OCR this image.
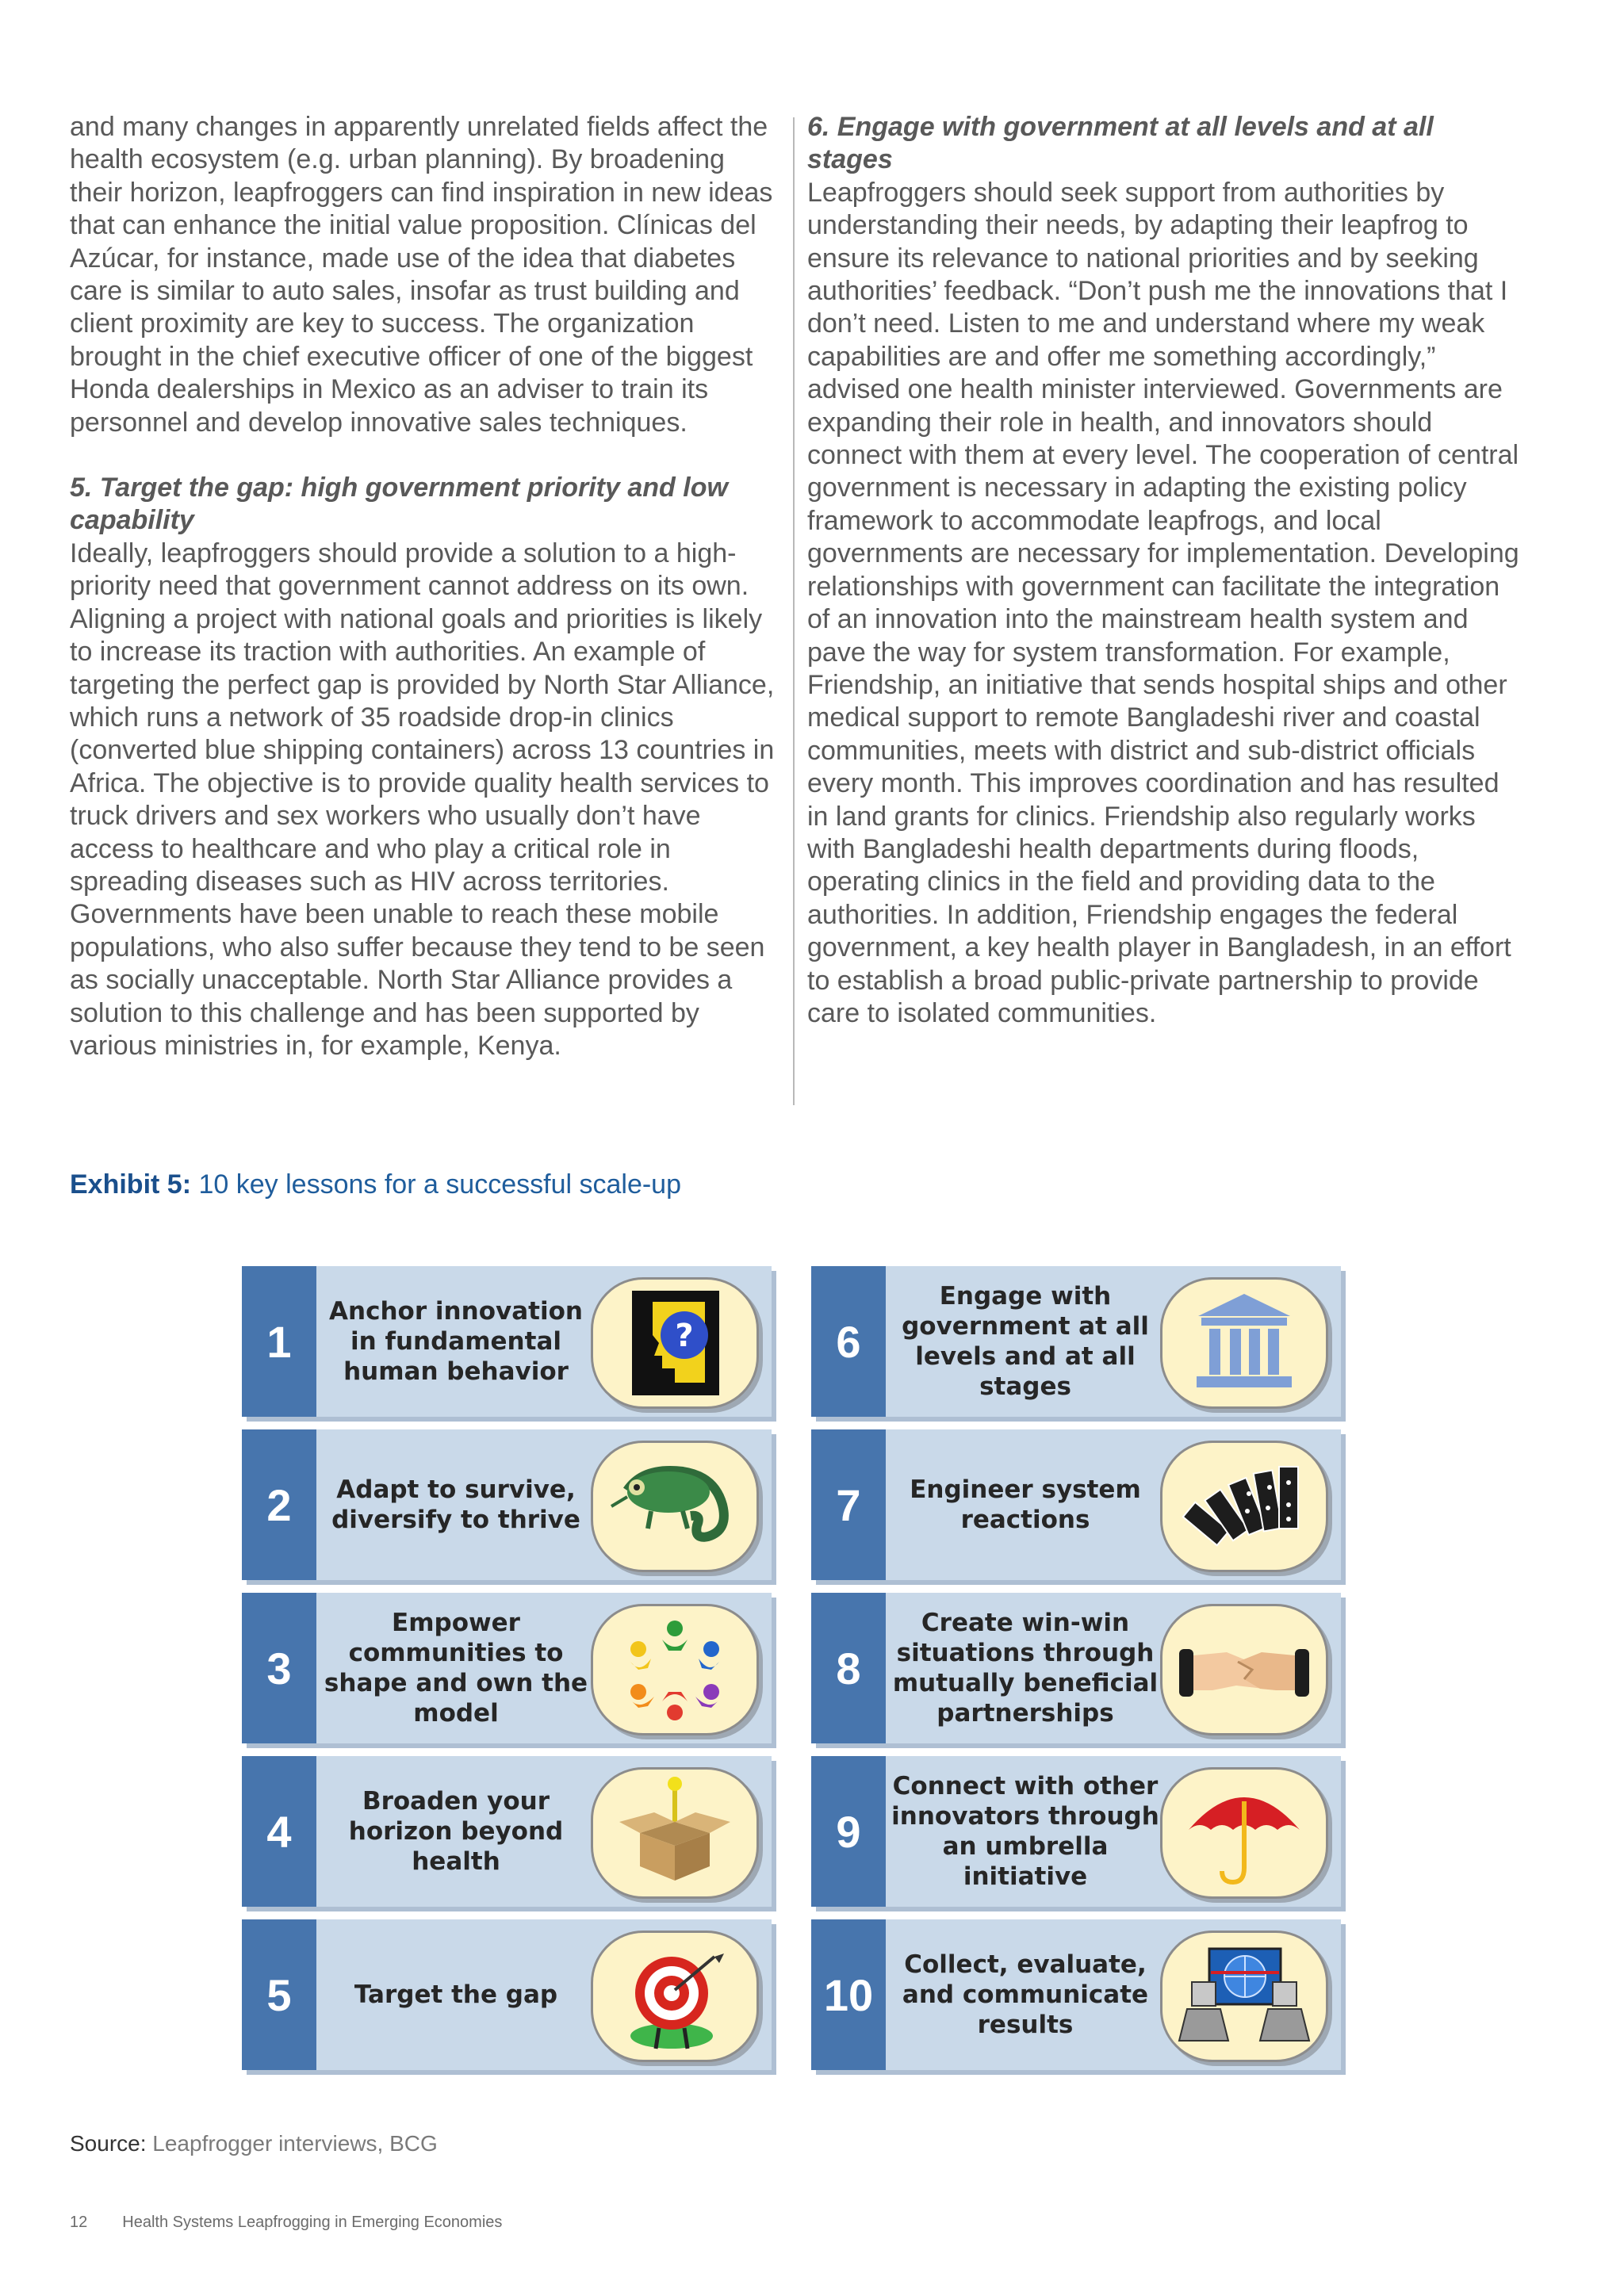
and many changes in apparently unrelated fields affect the health ecosystem (e.g. urban planning). By broadening their horizon, leapfroggers can find inspiration in new ideas that can enhance the initial value proposition. Clínicas del Azúcar, for instance, made use of the idea that diabetes care is similar to auto sales, insofar as trust building and client proximity are key to success. The organization brought in the chief executive officer of one of the biggest Honda dealerships in Mexico as an adviser to train its personnel and develop innovative sales techniques.

5. Target the gap: high government priority and low capability

Ideally, leapfroggers should provide a solution to a high-priority need that government cannot address on its own. Aligning a project with national goals and priorities is likely to increase its traction with authorities. An example of targeting the perfect gap is provided by North Star Alliance, which runs a network of 35 roadside drop-in clinics (converted blue shipping containers) across 13 countries in Africa. The objective is to provide quality health services to truck drivers and sex workers who usually don’t have access to healthcare and who play a critical role in spreading diseases such as HIV across territories. Governments have been unable to reach these mobile populations, who also suffer because they tend to be seen as socially unacceptable. North Star Alliance provides a solution to this challenge and has been supported by various ministries in, for example, Kenya.

6. Engage with government at all levels and at all stages

Leapfroggers should seek support from authorities by understanding their needs, by adapting their leapfrog to ensure its relevance to national priorities and by seeking authorities’ feedback. “Don’t push me the innovations that I don’t need. Listen to me and understand where my weak capabilities are and offer me something accordingly,” advised one health minister interviewed. Governments are expanding their role in health, and innovators should connect with them at every level. The cooperation of central government is necessary in adapting the existing policy framework to accommodate leapfrogs, and local governments are necessary for implementation. Developing relationships with government can facilitate the integration of an innovation into the mainstream health system and pave the way for system transformation. For example, Friendship, an initiative that sends hospital ships and other medical support to remote Bangladeshi river and coastal communities, meets with district and sub-district officials every month. This improves coordination and has resulted in land grants for clinics. Friendship also regularly works with Bangladeshi health departments during floods, operating clinics in the field and providing data to the authorities. In addition, Friendship engages the federal government, a key health player in Bangladesh, in an effort to establish a broad public-private partnership to provide care to isolated communities.

Exhibit 5: 10 key lessons for a successful scale-up
1
Anchor innovation in fundamental human behavior
?
2	Adapt to survive, diversify to thrive
3
Empower communities to shape and own the model
4
Broaden your horizon beyond health
5	Target the gap
6
Engage with government at all levels and at all stages
7	Engineer system reactions
8
Create win-win situations through mutually beneficial partnerships
9
Connect with other innovators through an umbrella initiative
10
Collect, evaluate, and communicate results
Source: Leapfrogger interviews, BCG
12 Health Systems Leapfrogging in Emerging Economies
